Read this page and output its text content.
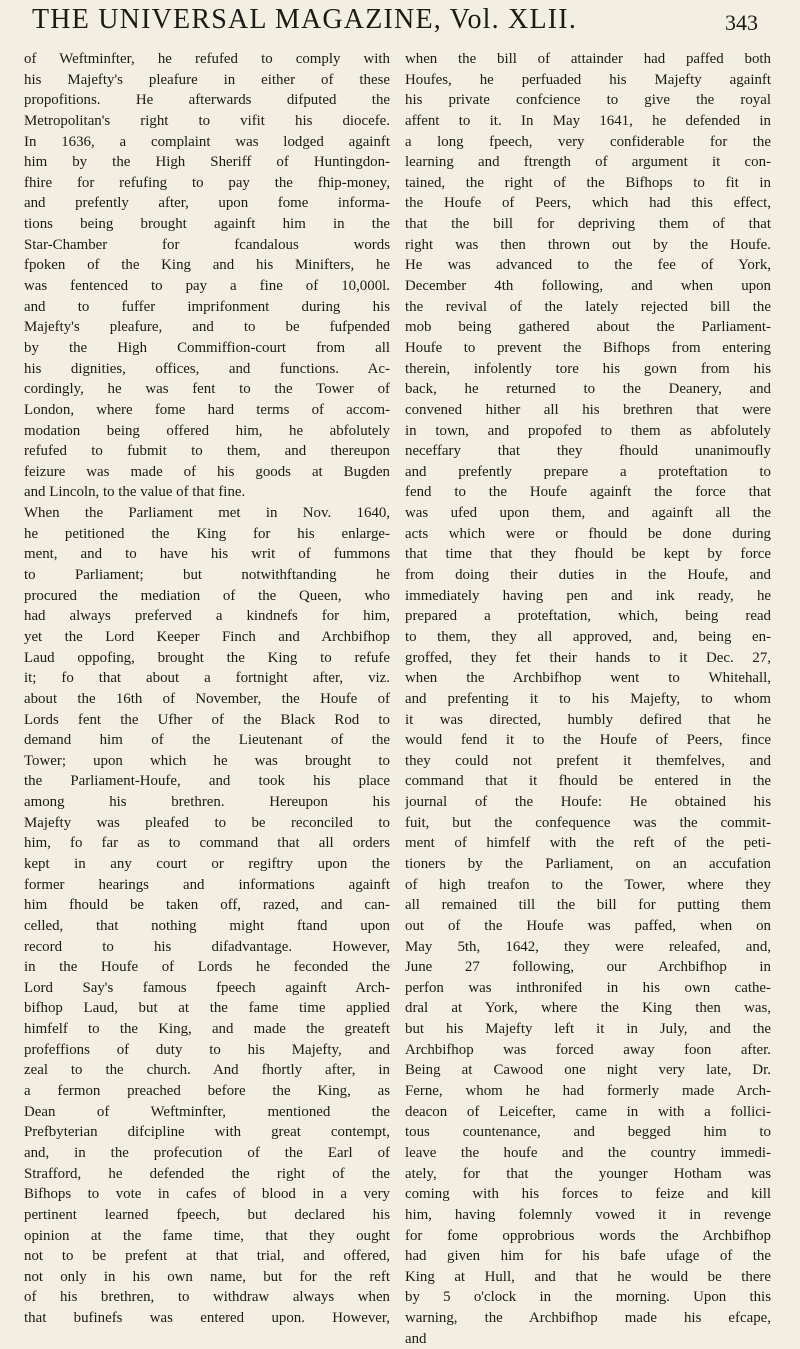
THE UNIVERSAL MAGAZINE, Vol. XLII.	343
of Weftminfter, he refufed to comply with
his Majefty's pleafure in either of these
propofitions. He afterwards difputed the
Metropolitan's right to vifit his diocefe.
In 1636, a complaint was lodged againft
him by the High Sheriff of Huntingdon-
fhire for refufing to pay the fhip-money,
and prefently after, upon fome informa-
tions being brought againft him in the
Star-Chamber for fcandalous words
fpoken of the King and his Minifters, he
was fentenced to pay a fine of 10,000l.
and to fuffer imprifonment during his
Majefty's pleafure, and to be fufpended
by the High Commiffion-court from all
his dignities, offices, and functions. Ac-
cordingly, he was fent to the Tower of
London, where fome hard terms of accom-
modation being offered him, he abfolutely
refufed to fubmit to them, and thereupon
feizure was made of his goods at Bugden
and Lincoln, to the value of that fine.
When the Parliament met in Nov. 1640,
he petitioned the King for his enlarge-
ment, and to have his writ of fummons
to Parliament; but notwithftanding he
procured the mediation of the Queen, who
had always preferved a kindnefs for him,
yet the Lord Keeper Finch and Archbifhop
Laud oppofing, brought the King to refufe
it; fo that about a fortnight after, viz.
about the 16th of November, the Houfe of
Lords fent the Ufher of the Black Rod to
demand him of the Lieutenant of the
Tower; upon which he was brought to
the Parliament-Houfe, and took his place
among his brethren. Hereupon his
Majefty was pleafed to be reconciled to
him, fo far as to command that all orders
kept in any court or regiftry upon the
former hearings and informations againft
him fhould be taken off, razed, and can-
celled, that nothing might ftand upon
record to his difadvantage. However,
in the Houfe of Lords he feconded the
Lord Say's famous fpeech againft Arch-
bifhop Laud, but at the fame time applied
himfelf to the King, and made the greateft
profeffions of duty to his Majefty, and
zeal to the church. And fhortly after, in
a fermon preached before the King, as
Dean of Weftminfter, mentioned the
Prefbyterian difcipline with great contempt,
and, in the profecution of the Earl of
Strafford, he defended the right of the
Bifhops to vote in cafes of blood in a very
pertinent learned fpeech, but declared his
opinion at the fame time, that they ought
not to be prefent at that trial, and offered,
not only in his own name, but for the reft
of his brethren, to withdraw always when
that bufinefs was entered upon. However,
when the bill of attainder had paffed both
Houfes, he perfuaded his Majefty againft
his private confcience to give the royal
affent to it. In May 1641, he defended in
a long fpeech, very confiderable for the
learning and ftrength of argument it con-
tained, the right of the Bifhops to fit in
the Houfe of Peers, which had this effect,
that the bill for depriving them of that
right was then thrown out by the Houfe.
He was advanced to the fee of York,
December 4th following, and when upon
the revival of the lately rejected bill the
mob being gathered about the Parliament-
Houfe to prevent the Bifhops from entering
therein, infolently tore his gown from his
back, he returned to the Deanery, and
convened hither all his brethren that were
in town, and propofed to them as abfolutely
neceffary that they fhould unanimoufly
and prefently prepare a proteftation to
fend to the Houfe againft the force that
was ufed upon them, and againft all the
acts which were or fhould be done during
that time that they fhould be kept by force
from doing their duties in the Houfe, and
immediately having pen and ink ready, he
prepared a proteftation, which, being read
to them, they all approved, and, being en-
groffed, they fet their hands to it Dec. 27,
when the Archbifhop went to Whitehall,
and prefenting it to his Majefty, to whom
it was directed, humbly defired that he
would fend it to the Houfe of Peers, fince
they could not prefent it themfelves, and
command that it fhould be entered in the
journal of the Houfe: He obtained his
fuit, but the confequence was the commit-
ment of himfelf with the reft of the peti-
tioners by the Parliament, on an accufation
of high treafon to the Tower, where they
all remained till the bill for putting them
out of the Houfe was paffed, when on
May 5th, 1642, they were releafed, and,
June 27 following, our Archbifhop in
perfon was inthronifed in his own cathe-
dral at York, where the King then was,
but his Majefty left it in July, and the
Archbifhop was forced away foon after.
Being at Cawood one night very late, Dr.
Ferne, whom he had formerly made Arch-
deacon of Leicefter, came in with a follici-
tous countenance, and begged him to
leave the houfe and the country immedi-
ately, for that the younger Hotham was
coming with his forces to feize and kill
him, having folemnly vowed it in revenge
for fome opprobrious words the Archbifhop
had given him for his bafe ufage of the
King at Hull, and that he would be there
by 5 o'clock in the morning. Upon this
warning, the Archbifhop made his efcape,
and
